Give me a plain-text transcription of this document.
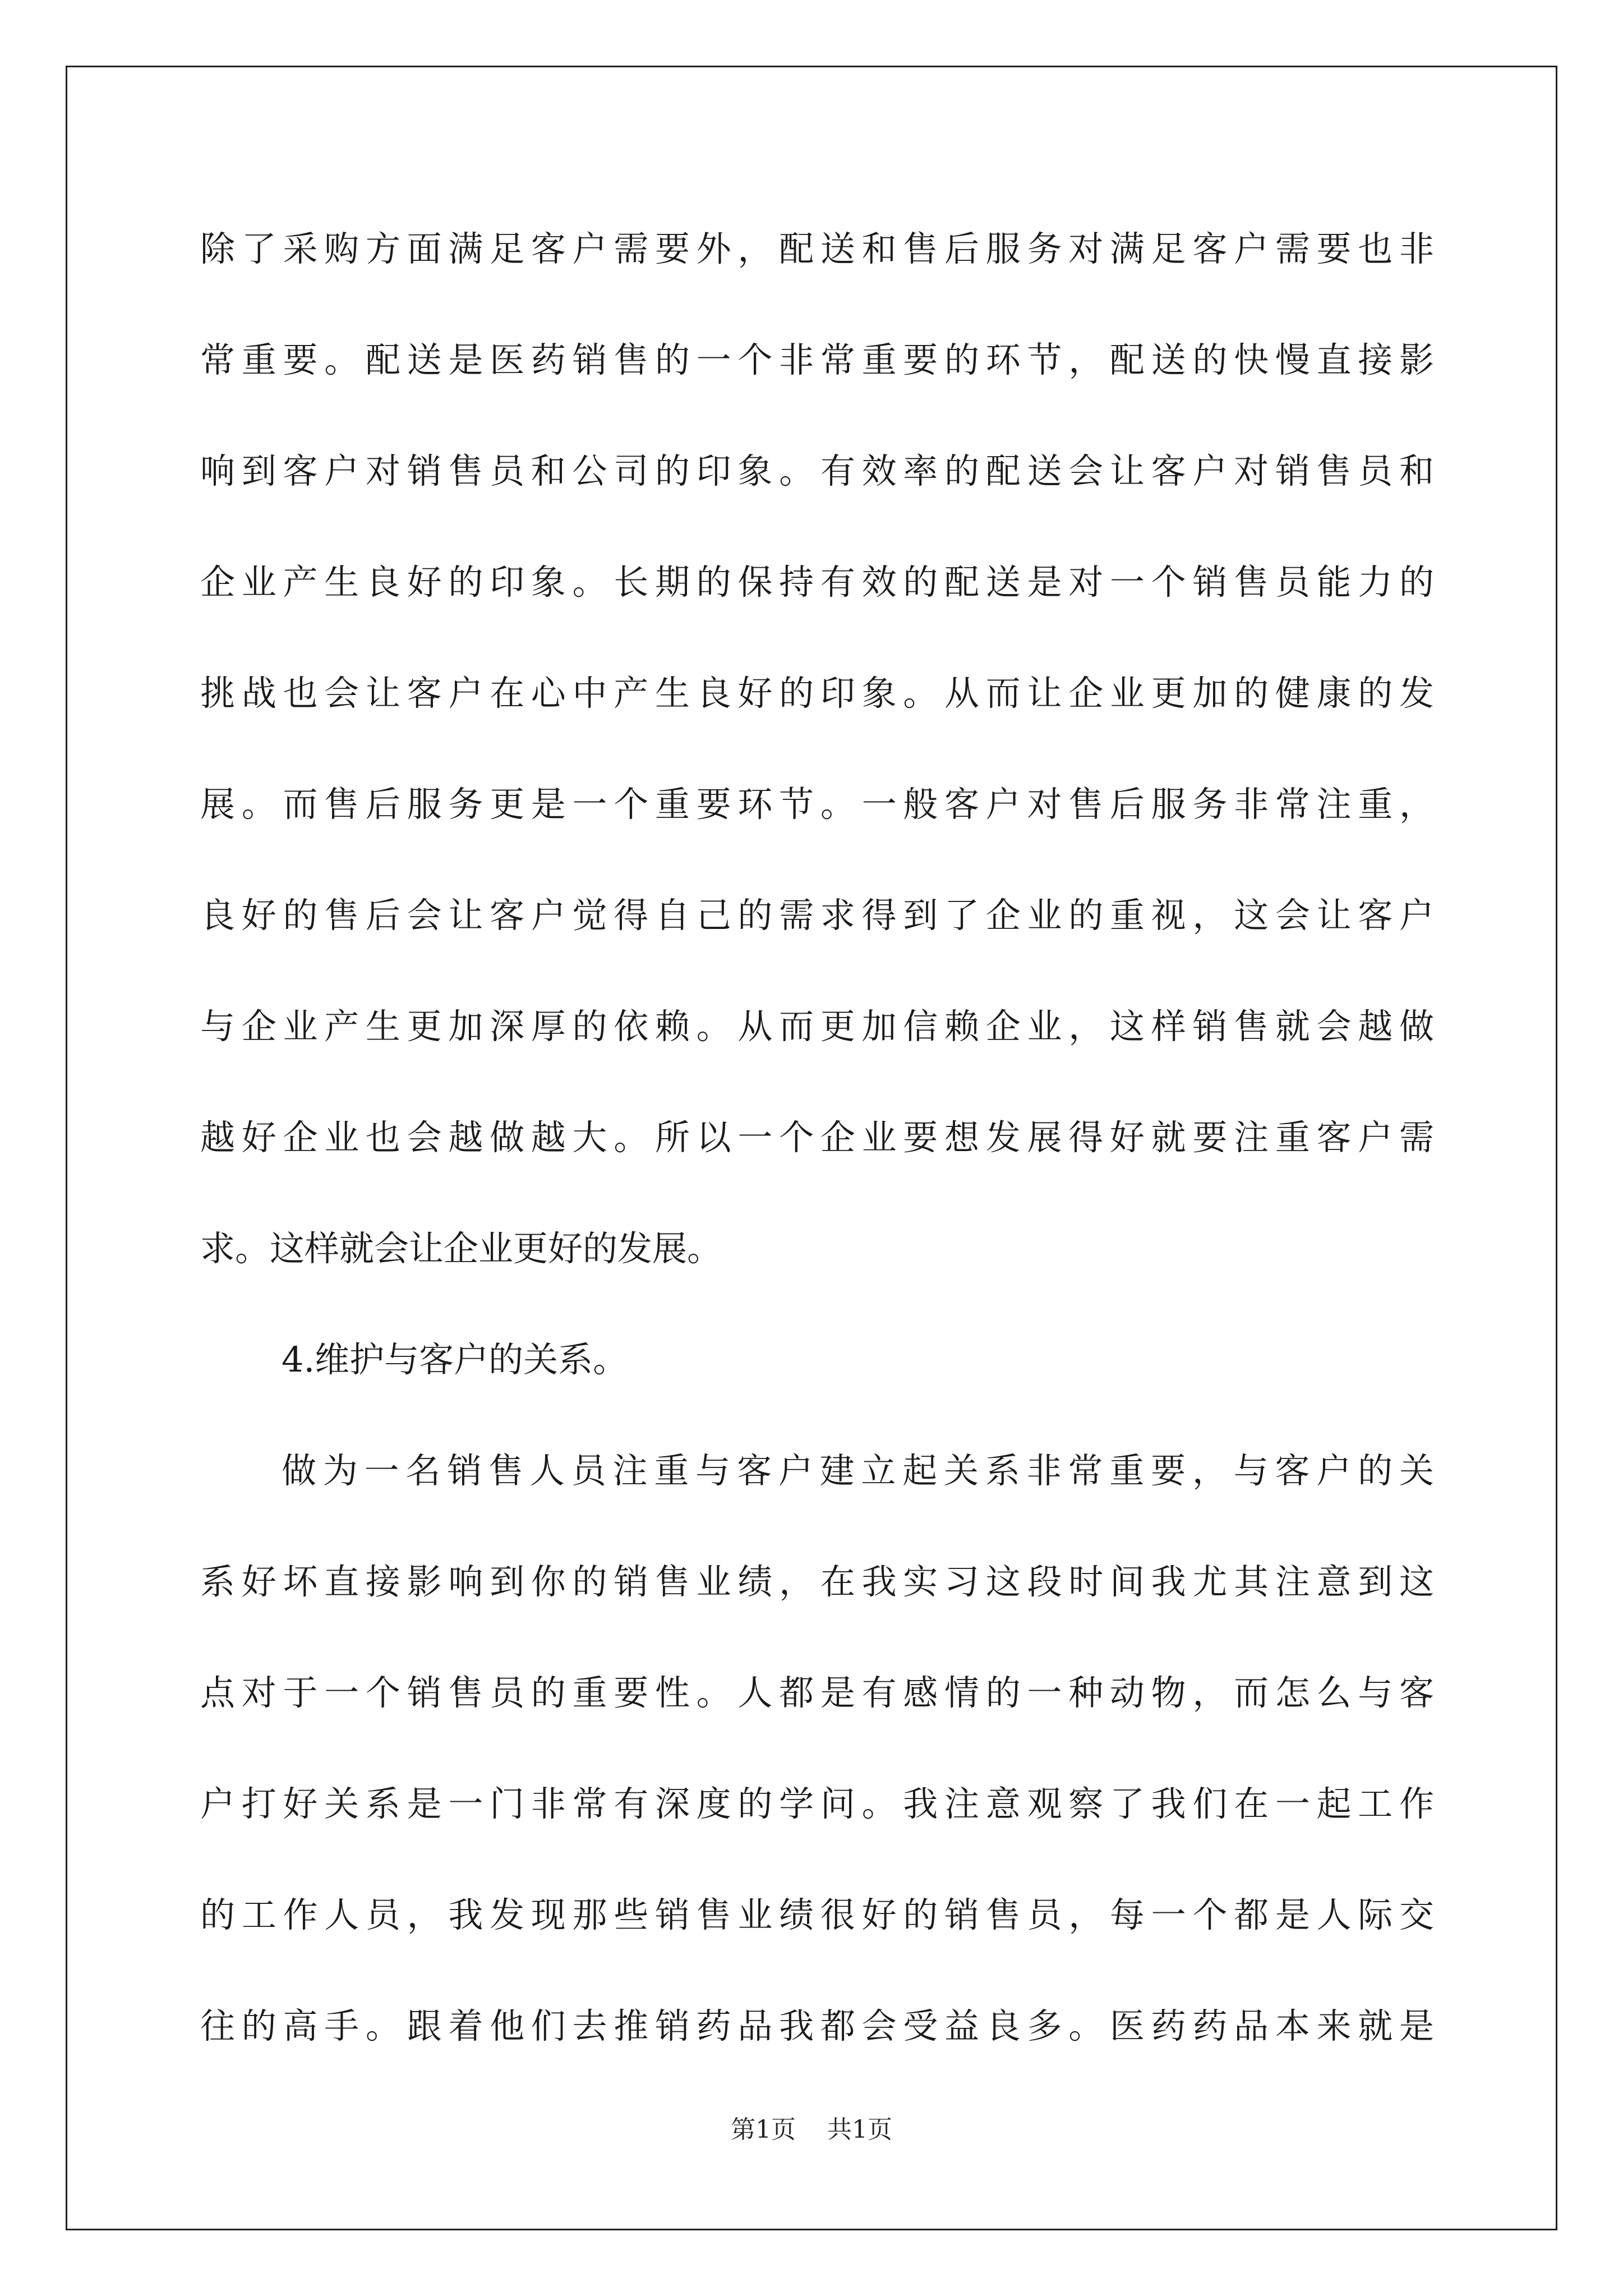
除了采购方面满足客户需要外，配送和售后服务对满足客户需要也非
常重要。配送是医药销售的一个非常重要的环节，配送的快慢直接影
响到客户对销售员和公司的印象。有效率的配送会让客户对销售员和
企业产生良好的印象。长期的保持有效的配送是对一个销售员能力的
挑战也会让客户在心中产生良好的印象。从而让企业更加的健康的发
展。而售后服务更是一个重要环节。一般客户对售后服务非常注重，
良好的售后会让客户觉得自己的需求得到了企业的重视，这会让客户
与企业产生更加深厚的依赖。从而更加信赖企业，这样销售就会越做
越好企业也会越做越大。所以一个企业要想发展得好就要注重客户需
求。这样就会让企业更好的发展。
4.维护与客户的关系。
做为一名销售人员注重与客户建立起关系非常重要，与客户的关
系好坏直接影响到你的销售业绩，在我实习这段时间我尤其注意到这
点对于一个销售员的重要性。人都是有感情的一种动物，而怎么与客
户打好关系是一门非常有深度的学问。我注意观察了我们在一起工作
的工作人员，我发现那些销售业绩很好的销售员，每一个都是人际交
往的高手。跟着他们去推销药品我都会受益良多。医药药品本来就是
第1页 共1页
